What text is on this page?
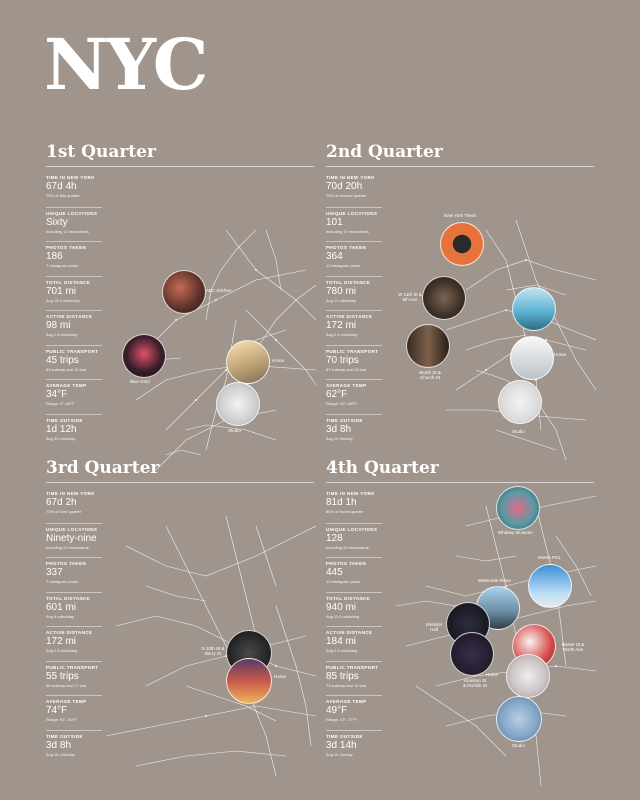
NYC
1st Quarter
TIME IN NEW YORK
67d 4h
75% of first quarter
UNIQUE LOCATIONS
Sixty
Including 12 restaurants
PHOTOS TAKEN
186
7 Instagram posts
TOTAL DISTANCE
701 mi
Avg 10.4 miles/day
ACTIVE DISTANCE
98 mi
Avg 1.5 miles/day
PUBLIC TRANSPORT
45 trips
33 subway and 12 bus
AVERAGE TEMP
34°F
Range: 4°–65°F
TIME OUTSIDE
1d 12h
Avg 33 mins/day
ABC Kitchen
Blue Gold
Home
Studio
2nd Quarter
TIME IN NEW YORK
70d 20h
78% of second quarter
UNIQUE LOCATIONS
101
Including 19 restaurants
PHOTOS TAKEN
364
13 Instagram posts
TOTAL DISTANCE
780 mi
Avg 11 miles/day
ACTIVE DISTANCE
172 mi
Avg 2.4 miles/day
PUBLIC TRANSPORT
70 trips
57 subway and 13 bus
AVERAGE TEMP
62°F
Range: 32°–88°F
TIME OUTSIDE
3d 8h
Avg 1h 6m/day
New York Times
W 11th St & 6th Ave
Worth St & Church St
Home
Studio
3rd Quarter
TIME IN NEW YORK
67d 2h
73% of third quarter
UNIQUE LOCATIONS
Ninety-nine
Including 24 restaurants
PHOTOS TAKEN
337
7 Instagram posts
TOTAL DISTANCE
601 mi
Avg 9 miles/day
ACTIVE DISTANCE
172 mi
Avg 2.6 miles/day
PUBLIC TRANSPORT
55 trips
38 subway and 17 bus
AVERAGE TEMP
74°F
Range: 61°–90°F
TIME OUTSIDE
3d 8h
Avg 1h 12m/day
N 10th St & Berry St
Home
4th Quarter
TIME IN NEW YORK
81d 1h
88% of fourth quarter
UNIQUE LOCATIONS
128
Including 26 restaurants
PHOTOS TAKEN
445
13 Instagram posts
TOTAL DISTANCE
940 mi
Avg 11.6 miles/day
ACTIVE DISTANCE
184 mi
Avg 2.3 miles/day
PUBLIC TRANSPORT
85 trips
73 subway and 12 bus
AVERAGE TEMP
49°F
Range: 22°–77°F
TIME OUTSIDE
3d 14h
Avg 1h 4m/day
Whitney Museum
MoMA PS1
Waterside Plaza
Webster Hall
Baxter St & Worth Ave
Home
Houston St & Norfolk St
Studio
